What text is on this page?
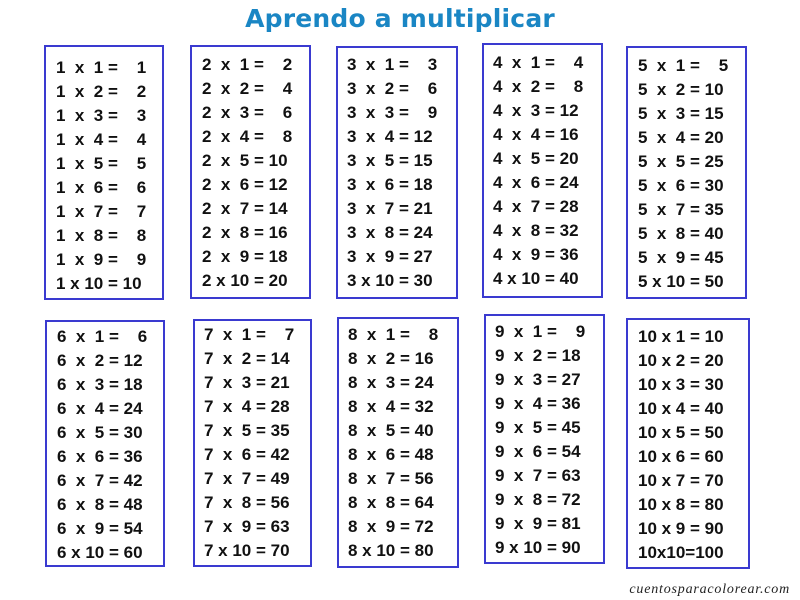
Aprendo a multiplicar
1  x  1 =    1
1  x  2 =    2
1  x  3 =    3
1  x  4 =    4
1  x  5 =    5
1  x  6 =    6
1  x  7 =    7
1  x  8 =    8
1  x  9 =    9
1 x 10 = 10
2  x  1 =    2
2  x  2 =    4
2  x  3 =    6
2  x  4 =    8
2  x  5 = 10
2  x  6 = 12
2  x  7 = 14
2  x  8 = 16
2  x  9 = 18
2 x 10 = 20
3  x  1 =    3
3  x  2 =    6
3  x  3 =    9
3  x  4 = 12
3  x  5 = 15
3  x  6 = 18
3  x  7 = 21
3  x  8 = 24
3  x  9 = 27
3 x 10 = 30
4  x  1 =    4
4  x  2 =    8
4  x  3 = 12
4  x  4 = 16
4  x  5 = 20
4  x  6 = 24
4  x  7 = 28
4  x  8 = 32
4  x  9 = 36
4 x 10 = 40
5  x  1 =    5
5  x  2 = 10
5  x  3 = 15
5  x  4 = 20
5  x  5 = 25
5  x  6 = 30
5  x  7 = 35
5  x  8 = 40
5  x  9 = 45
5 x 10 = 50
6  x  1 =    6
6  x  2 = 12
6  x  3 = 18
6  x  4 = 24
6  x  5 = 30
6  x  6 = 36
6  x  7 = 42
6  x  8 = 48
6  x  9 = 54
6 x 10 = 60
7  x  1 =    7
7  x  2 = 14
7  x  3 = 21
7  x  4 = 28
7  x  5 = 35
7  x  6 = 42
7  x  7 = 49
7  x  8 = 56
7  x  9 = 63
7 x 10 = 70
8  x  1 =    8
8  x  2 = 16
8  x  3 = 24
8  x  4 = 32
8  x  5 = 40
8  x  6 = 48
8  x  7 = 56
8  x  8 = 64
8  x  9 = 72
8 x 10 = 80
9  x  1 =    9
9  x  2 = 18
9  x  3 = 27
9  x  4 = 36
9  x  5 = 45
9  x  6 = 54
9  x  7 = 63
9  x  8 = 72
9  x  9 = 81
9 x 10 = 90
10 x 1 = 10
10 x 2 = 20
10 x 3 = 30
10 x 4 = 40
10 x 5 = 50
10 x 6 = 60
10 x 7 = 70
10 x 8 = 80
10 x 9 = 90
10x10=100
cuentosparacolorear.com
